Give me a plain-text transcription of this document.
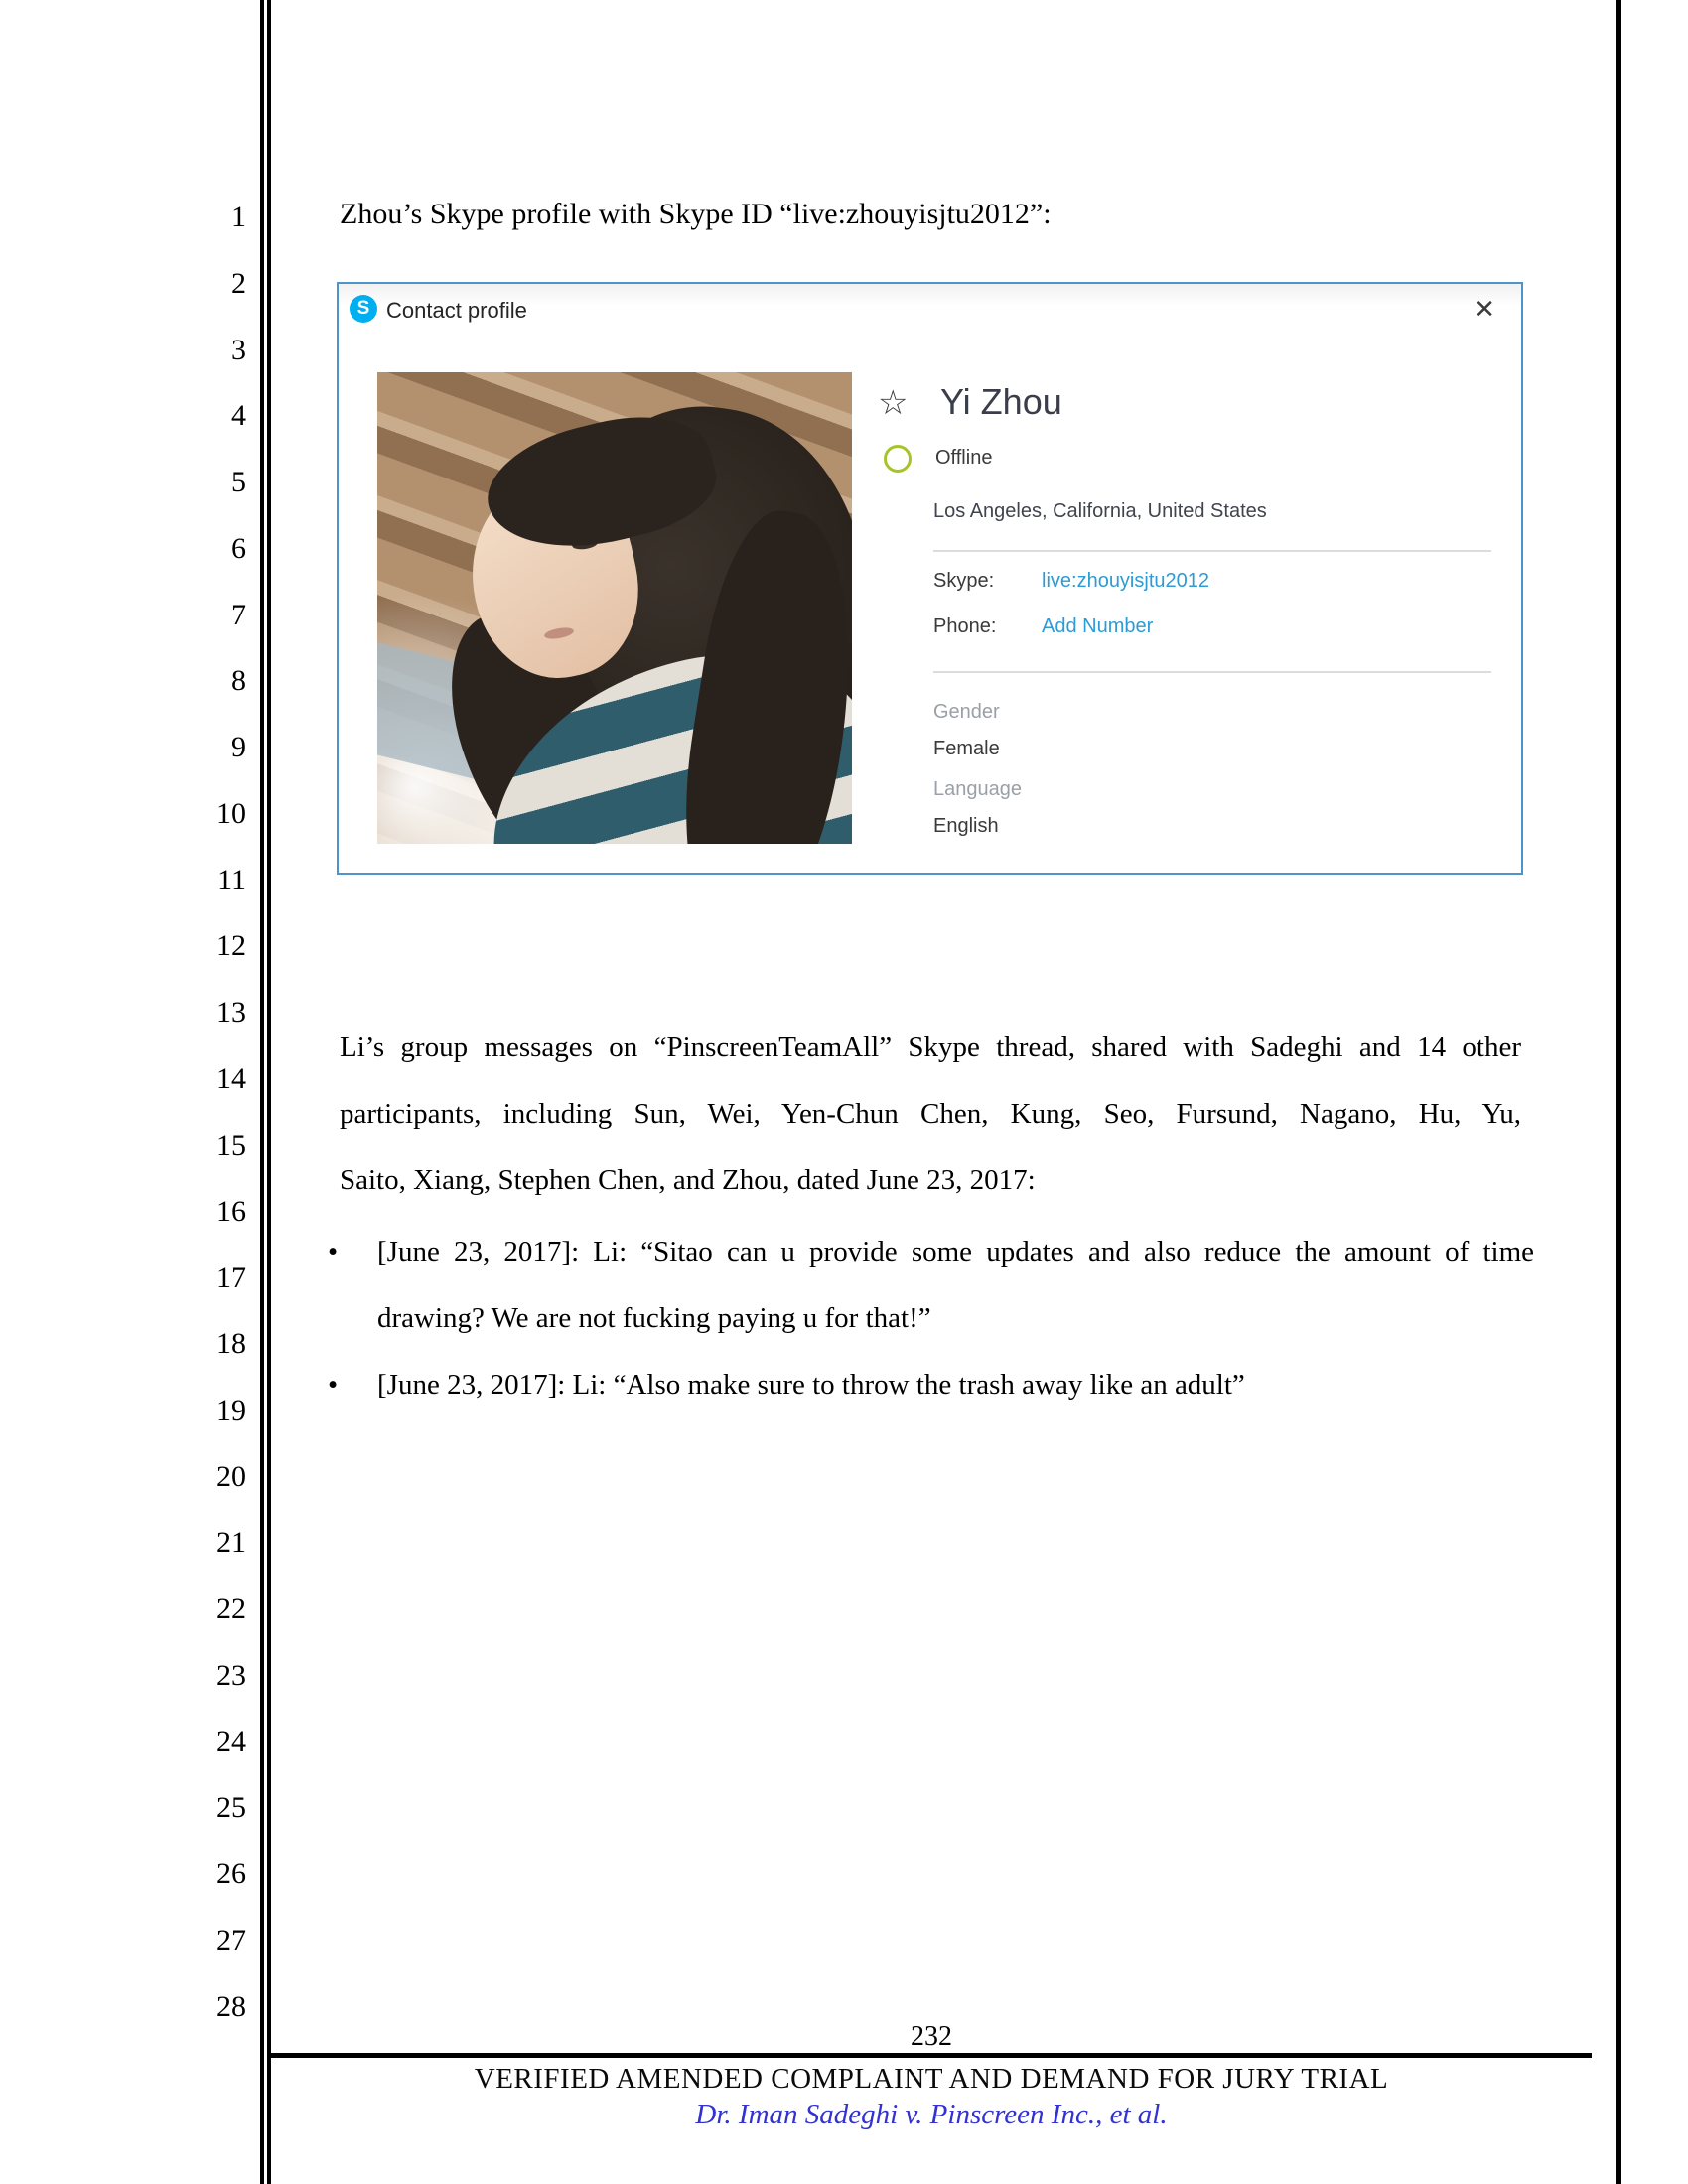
1
2
3
4
5
6
7
8
9
10
11
12
13
14
15
16
17
18
19
20
21
22
23
24
25
26
27
28
Zhou’s Skype profile with Skype ID “live:zhouyisjtu2012”:
S Contact profile	✕
☆ Yi Zhou
Offline
Los Angeles, California, United States
Skype:	live:zhouyisjtu2012
Phone:	Add Number
Gender
Female
Language
English
Li’s group messages on “PinscreenTeamAll” Skype thread, shared with Sadeghi and 14 other
participants, including Sun, Wei, Yen-Chun Chen, Kung, Seo, Fursund, Nagano, Hu, Yu,
Saito, Xiang, Stephen Chen, and Zhou, dated June 23, 2017:
•	[June 23, 2017]: Li: “Sitao can u provide some updates and also reduce the amount of time
drawing? We are not fucking paying u for that!”
•	[June 23, 2017]: Li: “Also make sure to throw the trash away like an adult”
232
VERIFIED AMENDED COMPLAINT AND DEMAND FOR JURY TRIAL
Dr. Iman Sadeghi v. Pinscreen Inc., et al.
